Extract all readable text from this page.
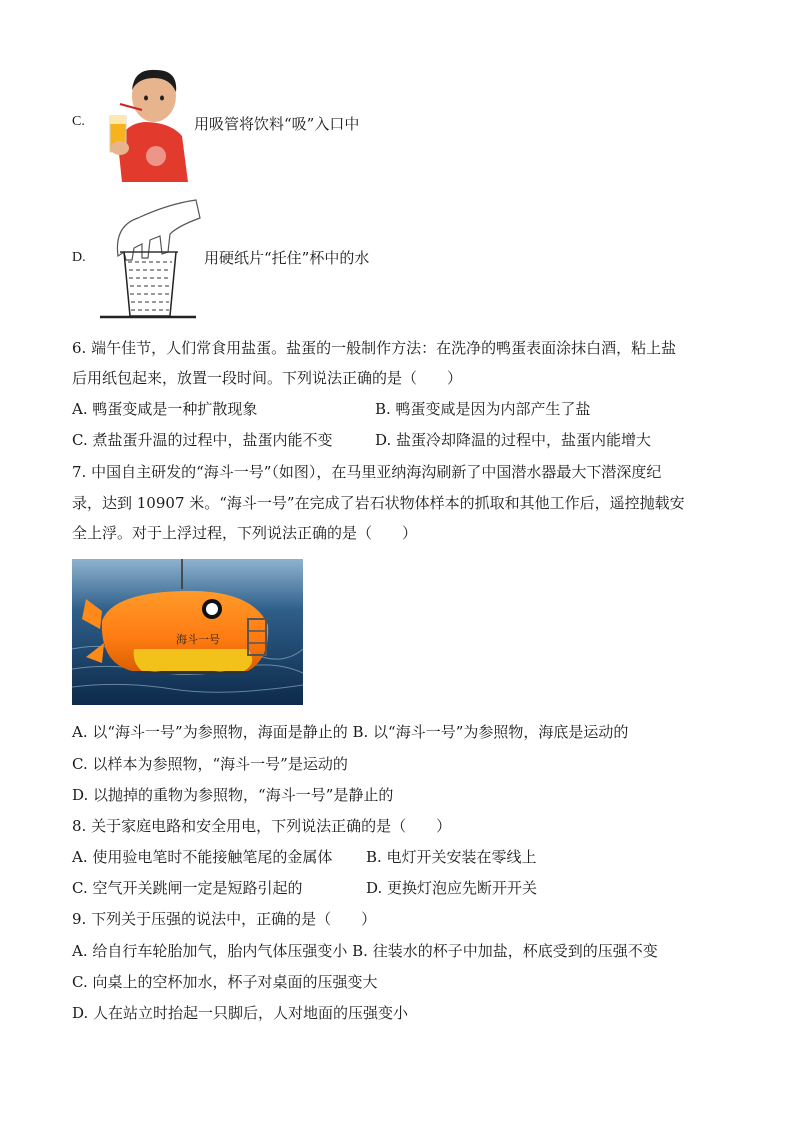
C.	用吸管将饮料“吸”入口中
D.	用硬纸片“托住”杯中的水
6. 端午佳节，人们常食用盐蛋。盐蛋的一般制作方法：在洗净的鸭蛋表面涂抹白酒，粘上盐
后用纸包起来，放置一段时间。下列说法正确的是（　　）
A. 鸭蛋变咸是一种扩散现象	B. 鸭蛋变咸是因为内部产生了盐
C. 煮盐蛋升温的过程中，盐蛋内能不变	D. 盐蛋冷却降温的过程中，盐蛋内能增大
7. 中国自主研发的“海斗一号”（如图），在马里亚纳海沟刷新了中国潜水器最大下潜深度纪
录，达到 10907 米。“海斗一号”在完成了岩石状物体样本的抓取和其他工作后，遥控抛载安
全上浮。对于上浮过程，下列说法正确的是（　　）
海斗一号
A. 以“海斗一号”为参照物，海面是静止的 B. 以“海斗一号”为参照物，海底是运动的
C. 以样本为参照物，“海斗一号”是运动的
D. 以抛掉的重物为参照物，“海斗一号”是静止的
8. 关于家庭电路和安全用电，下列说法正确的是（　　）
A. 使用验电笔时不能接触笔尾的金属体 B. 电灯开关安装在零线上
C. 空气开关跳闸一定是短路引起的	D. 更换灯泡应先断开开关
9. 下列关于压强的说法中，正确的是（　　）
A. 给自行车轮胎加气，胎内气体压强变小 B. 往装水的杯子中加盐，杯底受到的压强不变
C. 向桌上的空杯加水，杯子对桌面的压强变大
D. 人在站立时抬起一只脚后，人对地面的压强变小
